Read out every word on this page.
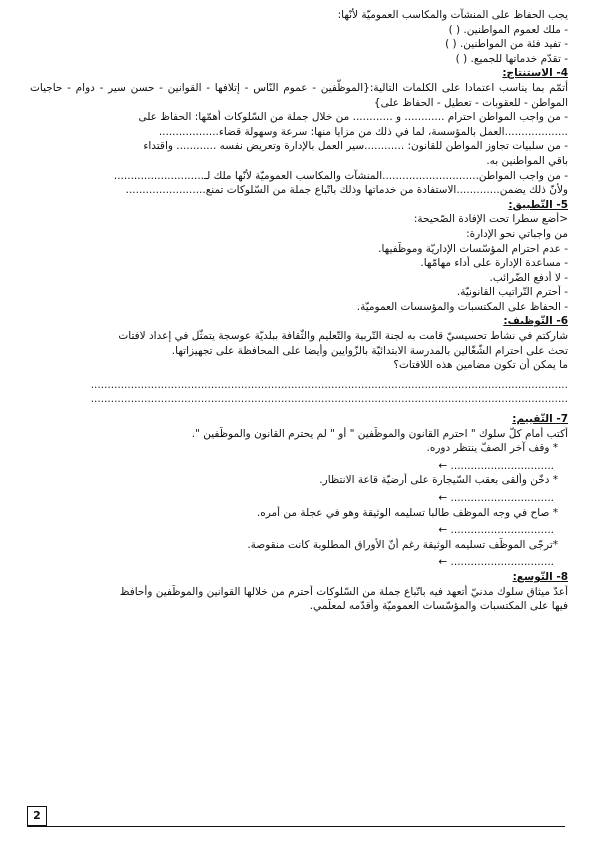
يجب الحفاظ على المنشآت والمكاسب العموميّة لأنّها:
- ملك لعموم المواطنين. ( )
- تفيد فئة من المواطنين. ( )
- تقدّم خدماتها للجميع. ( )
4- الاستنتاج:
أتمّم بما يناسب اعتمادا على الكلمات التالية:{الموظّفين - عموم النّاس - إتلافها - القوانين - حسن سير - دوام - حاجيات المواطن - للعقوبات - تعطيل - الحفاظ على}
- من واجب المواطن احترام ............ و ............ من خلال جملة من السّلوكات أهمّها: الحفاظ على
...................العمل بالمؤسسة، لما في ذلك من مزايا منها: سرعة وسهولة قضاء..................
- من سلبيات تجاوز المواطن للقانون: ............سير العمل بالإدارة وتعريض نفسه ............ واقتداء
باقي المواطنين به.
- من واجب المواطن.............................المنشآت والمكاسب العموميّة لأنّها ملك لـ...........................
ولأنّ ذلك يضمن.............الاستفادة من خدماتها وذلك باتّباع جملة من السّلوكات تمنع........................
5- التّطبيق:
<أضع سطرا تحت الإفادة الصّحيحة:
من واجباتي نحو الإدارة:
- عدم احترام المؤسّسات الإداريّة وموظّفيها.
- مساعدة الإدارة على أداء مهامّها.
- لا أدفع الضّرائب.
- أحترم التّراتيب القانونيّة.
- الحفاظ على المكتسبات والمؤسسات العموميّة.
6- التّوظيف:
شاركتم في نشاط تحسيسيّ قامت به لجنة التّربية والتّعليم والثّقافة ببلديّة عوسجة يتمثّل في إعداد لافتات
تحث على احترام الشّغّالين بالمدرسة الابتدائيّة بالزّوايين وأيضا على المحافظة على تجهيزاتها.
ما يمكن أن تكون مضامين هذه اللافتات؟
...............................................................................................................................................
...............................................................................................................................................
7- التّقييم:
أكتب أمام كلّ سلوك " احترم القانون والموظّفين " أو " لم يحترم القانون والموظّفين ".
* وقف آخر الصفّ ينتظر دوره.
............................... ←
* دخّن وألقى بعقب السّيجارة على أرضيّة قاعة الانتظار.
............................... ←
* صاح في وجه الموظف طالبا تسليمه الوثيقة وهو في عجلة من أمره.
............................... ←
*ترجّى الموظّف تسليمه الوثيقة رغم أنّ الأوراق المطلوبة كانت منقوصة.
............................... ←
8- التّوسع:
أعدّ ميثاق سلوك مدنيّ أتعهد فيه باتّباع جملة من السّلوكات أحترم من خلالها القوانين والموظّفين وأحافظ
فيها على المكتسبات والمؤسّسات العموميّة وأقدّمه لمعلّمي.
2
